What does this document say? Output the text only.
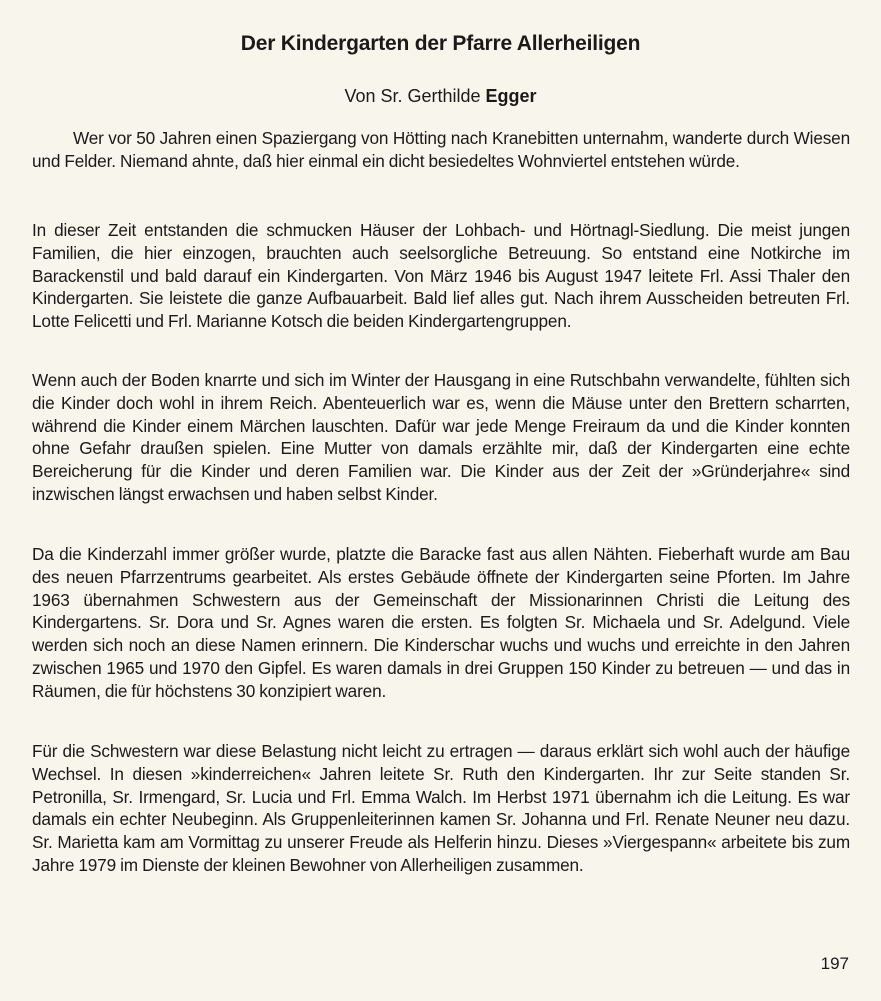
Der Kindergarten der Pfarre Allerheiligen

Von Sr. Gerthilde Egger

Wer vor 50 Jahren einen Spaziergang von Hötting nach Kranebitten unternahm, wanderte durch Wiesen und Felder. Niemand ahnte, daß hier einmal ein dicht besiedeltes Wohnviertel entstehen würde.

In dieser Zeit entstanden die schmucken Häuser der Lohbach- und Hörtnagl-Siedlung. Die meist jungen Familien, die hier einzogen, brauchten auch seelsorgliche Betreuung. So entstand eine Notkirche im Barackenstil und bald darauf ein Kindergarten. Von März 1946 bis August 1947 leitete Frl. Assi Thaler den Kindergarten. Sie leistete die ganze Aufbauarbeit. Bald lief alles gut. Nach ihrem Ausscheiden betreuten Frl. Lotte Felicetti und Frl. Marianne Kotsch die beiden Kindergartengruppen.

Wenn auch der Boden knarrte und sich im Winter der Hausgang in eine Rutschbahn verwandelte, fühlten sich die Kinder doch wohl in ihrem Reich. Abenteuerlich war es, wenn die Mäuse unter den Brettern scharrten, während die Kinder einem Märchen lauschten. Dafür war jede Menge Freiraum da und die Kinder konnten ohne Gefahr draußen spielen. Eine Mutter von damals erzählte mir, daß der Kindergarten eine echte Bereicherung für die Kinder und deren Familien war. Die Kinder aus der Zeit der »Gründerjahre« sind inzwischen längst erwachsen und haben selbst Kinder.

Da die Kinderzahl immer größer wurde, platzte die Baracke fast aus allen Nähten. Fieberhaft wurde am Bau des neuen Pfarrzentrums gearbeitet. Als erstes Gebäude öffnete der Kindergarten seine Pforten. Im Jahre 1963 übernahmen Schwestern aus der Gemeinschaft der Missionarinnen Christi die Leitung des Kindergartens. Sr. Dora und Sr. Agnes waren die ersten. Es folgten Sr. Michaela und Sr. Adelgund. Viele werden sich noch an diese Namen erinnern. Die Kinderschar wuchs und wuchs und erreichte in den Jahren zwischen 1965 und 1970 den Gipfel. Es waren damals in drei Gruppen 150 Kinder zu betreuen — und das in Räumen, die für höchstens 30 konzipiert waren.

Für die Schwestern war diese Belastung nicht leicht zu ertragen — daraus erklärt sich wohl auch der häufige Wechsel. In diesen »kinderreichen« Jahren leitete Sr. Ruth den Kindergarten. Ihr zur Seite standen Sr. Petronilla, Sr. Irmengard, Sr. Lucia und Frl. Emma Walch. Im Herbst 1971 übernahm ich die Leitung. Es war damals ein echter Neubeginn. Als Gruppenleiterinnen kamen Sr. Johanna und Frl. Renate Neuner neu dazu. Sr. Marietta kam am Vormittag zu unserer Freude als Helferin hinzu. Dieses »Viergespann« arbeitete bis zum Jahre 1979 im Dienste der kleinen Bewohner von Allerheiligen zusammen.

197
